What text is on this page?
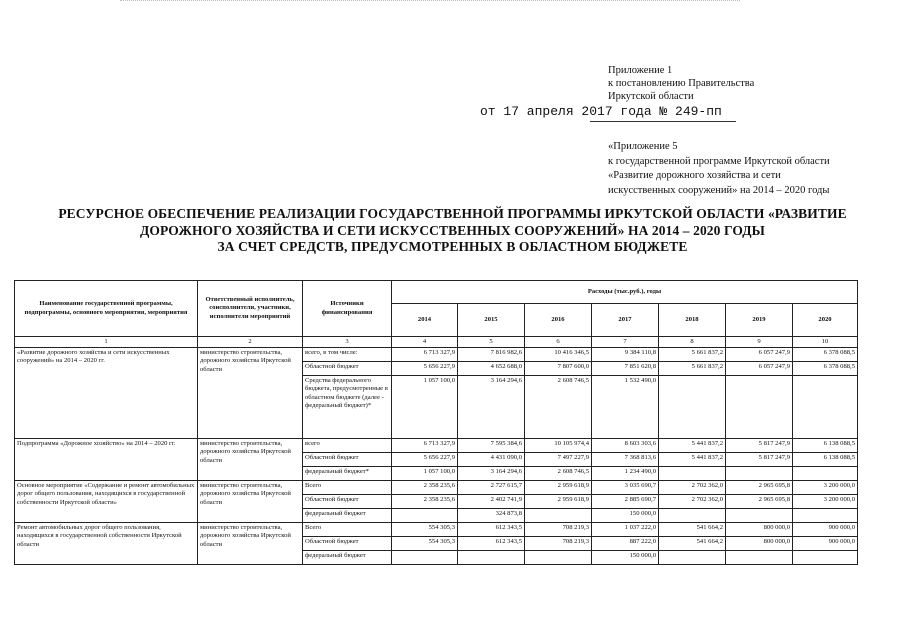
Приложение 1
к постановлению Правительства
Иркутской области
от 17 апреля 2017 года № 249-пп
«Приложение 5
к государственной программе Иркутской области
«Развитие дорожного хозяйства и сети
искусственных сооружений» на 2014 – 2020 годы
РЕСУРСНОЕ ОБЕСПЕЧЕНИЕ РЕАЛИЗАЦИИ ГОСУДАРСТВЕННОЙ ПРОГРАММЫ ИРКУТСКОЙ ОБЛАСТИ «РАЗВИТИЕ
ДОРОЖНОГО ХОЗЯЙСТВА И СЕТИ ИСКУССТВЕННЫХ СООРУЖЕНИЙ» НА 2014 – 2020 ГОДЫ
ЗА СЧЕТ СРЕДСТВ, ПРЕДУСМОТРЕННЫХ В ОБЛАСТНОМ БЮДЖЕТЕ
Наименование государственной программы, подпрограммы, основного мероприятия, мероприятия	Ответственный исполнитель, соисполнители, участники, исполнители мероприятий	Источники финансирования	Расходы (тыс.руб.), годы						
			2014	2015	2016	2017	2018	2019	2020
1	2	3	4	5	6	7	8	9	10
«Развитие дорожного хозяйства и сети искусственных сооружений» на 2014 – 2020 гг.	министерство строительства, дорожного хозяйства Иркутской области	всего, в том числе:	6 713 327,9	7 816 982,6	10 416 346,5	9 384 110,8	5 661 837,2	6 057 247,9	6 378 088,5
		Областной бюджет	5 656 227,9	4 652 688,0	7 807 600,0	7 851 620,8	5 661 837,2	6 057 247,9	6 378 088,5
		Средства федерального бюджета, предусмотренные в областном бюджете (далее - федеральный бюджет)*	1 057 100,0	3 164 294,6	2 608 746,5	1 532 490,0			
Подпрограмма «Дорожное хозяйство» на 2014 – 2020 гг.	министерство строительства, дорожного хозяйства Иркутской области	всего	6 713 327,9	7 595 384,6	10 105 974,4	8 603 303,6	5 441 837,2	5 817 247,9	6 138 088,5
		Областной бюджет	5 656 227,9	4 431 090,0	7 497 227,9	7 368 813,6	5 441 837,2	5 817 247,9	6 138 088,5
		федеральный бюджет*	1 057 100,0	3 164 294,6	2 608 746,5	1 234 490,0			
Основное мероприятие «Содержание и ремонт автомобильных дорог общего пользования, находящихся в государственной собственности Иркутской области»	министерство строительства, дорожного хозяйства Иркутской области	Всего	2 358 235,6	2 727 615,7	2 959 618,9	3 035 690,7	2 702 362,0	2 965 695,8	3 200 000,0
		Областной бюджет	2 358 235,6	2 402 741,9	2 959 618,9	2 885 690,7	2 702 362,0	2 965 695,8	3 200 000,0
		федеральный бюджет		324 873,8		150 000,0			
Ремонт автомобильных дорог общего пользования, находящихся в государственной собственности Иркутской области	министерство строительства, дорожного хозяйства Иркутской области	Всего	554 305,3	612 343,5	708 219,3	1 037 222,0	541 664,2	800 000,0	900 000,0
		Областной бюджет	554 305,3	612 343,5	708 219,3	887 222,0	541 664,2	800 000,0	900 000,0
		федеральный бюджет				150 000,0			
